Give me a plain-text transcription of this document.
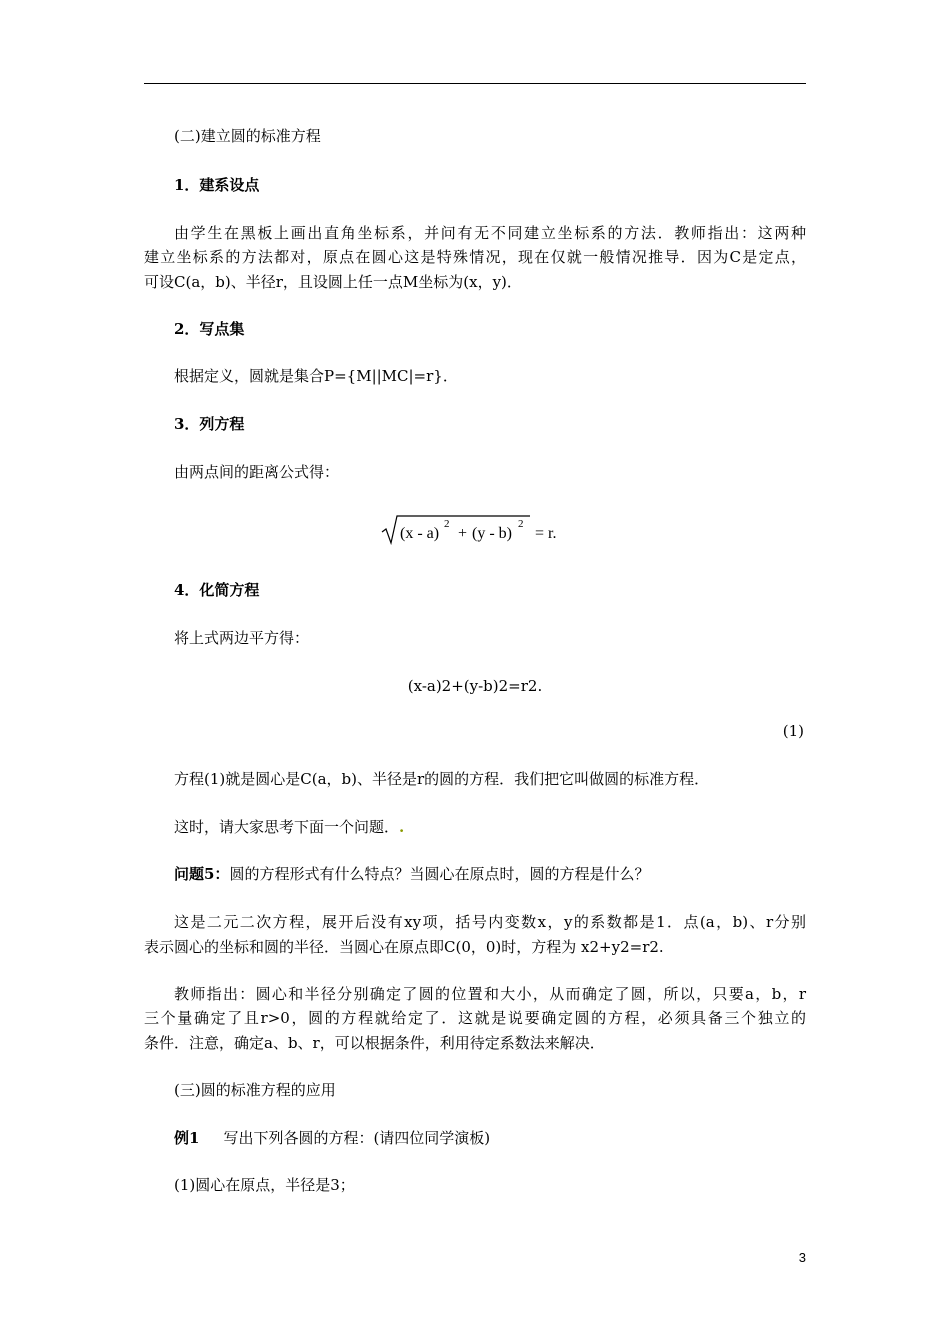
(二)建立圆的标准方程
1．建系设点
由学生在黑板上画出直角坐标系，并问有无不同建立坐标系的方法．教师指出：这两种
建立坐标系的方法都对，原点在圆心这是特殊情况，现在仅就一般情况推导．因为C是定点，
可设C(a，b)、半径r，且设圆上任一点M坐标为(x，y)．
2．写点集
根据定义，圆就是集合P={M||MC|=r}．
3．列方程
由两点间的距离公式得：
(x - a)
2
+ (y - b)
2
= r.
4．化简方程
将上式两边平方得：
(x-a)2+(y-b)2=r2.
(1)
方程(1)就是圆心是C(a，b)、半径是r的圆的方程．我们把它叫做圆的标准方程．
这时，请大家思考下面一个问题．.
问题5：圆的方程形式有什么特点？当圆心在原点时，圆的方程是什么？
这是二元二次方程，展开后没有xy项，括号内变数x，y的系数都是1．点(a，b)、r分别
表示圆心的坐标和圆的半径．当圆心在原点即C(0，0)时，方程为 x2+y2=r2.
教师指出：圆心和半径分别确定了圆的位置和大小，从而确定了圆，所以，只要a，b，r
三个量确定了且r>0，圆的方程就给定了．这就是说要确定圆的方程，必须具备三个独立的
条件．注意，确定a、b、r，可以根据条件，利用待定系数法来解决．
(三)圆的标准方程的应用
例1 写出下列各圆的方程：(请四位同学演板)
(1)圆心在原点，半径是3；
3
